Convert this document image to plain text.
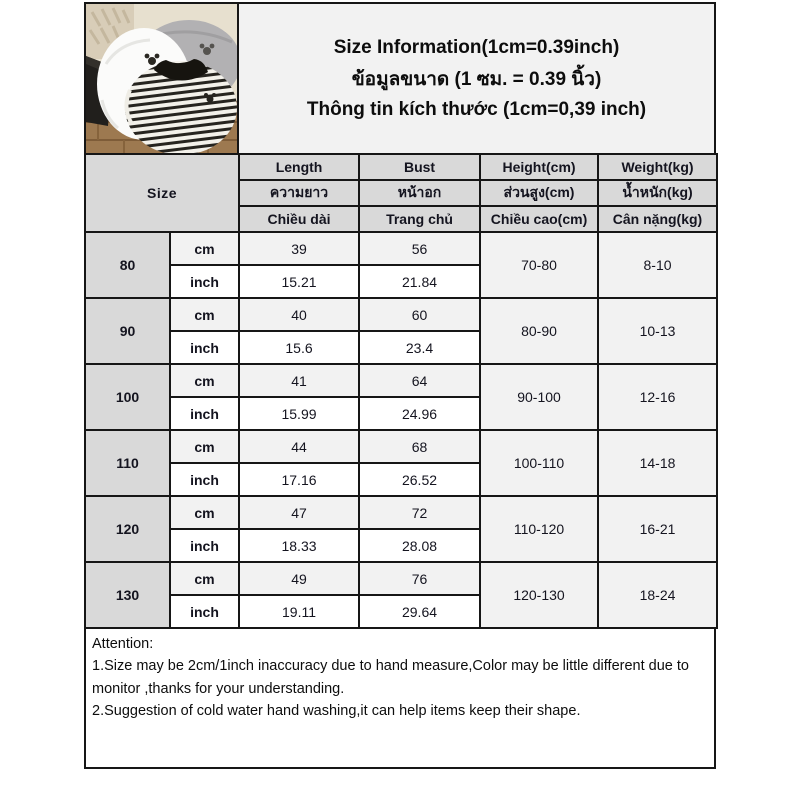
Size Information(1cm=0.39inch)
ข้อมูลขนาด (1 ซม. = 0.39 นิ้ว)
Thông tin kích thước (1cm=0,39 inch)
Size		Length	Bust	Height(cm)	Weight(kg)
		ความยาว	หน้าอก	ส่วนสูง(cm)	น้ำหนัก(kg)
		Chiều dài	Trang chủ	Chiều cao(cm)	Cân nặng(kg)
80	cm	39	56	70-80	8-10
	inch	15.21	21.84		
90	cm	40	60	80-90	10-13
	inch	15.6	23.4		
100	cm	41	64	90-100	12-16
	inch	15.99	24.96		
110	cm	44	68	100-110	14-18
	inch	17.16	26.52		
120	cm	47	72	110-120	16-21
	inch	18.33	28.08		
130	cm	49	76	120-130	18-24
	inch	19.11	29.64		
Attention:
1.Size may be 2cm/1inch inaccuracy due to hand measure,Color may be little different due to monitor ,thanks for your understanding.
2.Suggestion of cold water hand washing,it can help items keep their shape.
